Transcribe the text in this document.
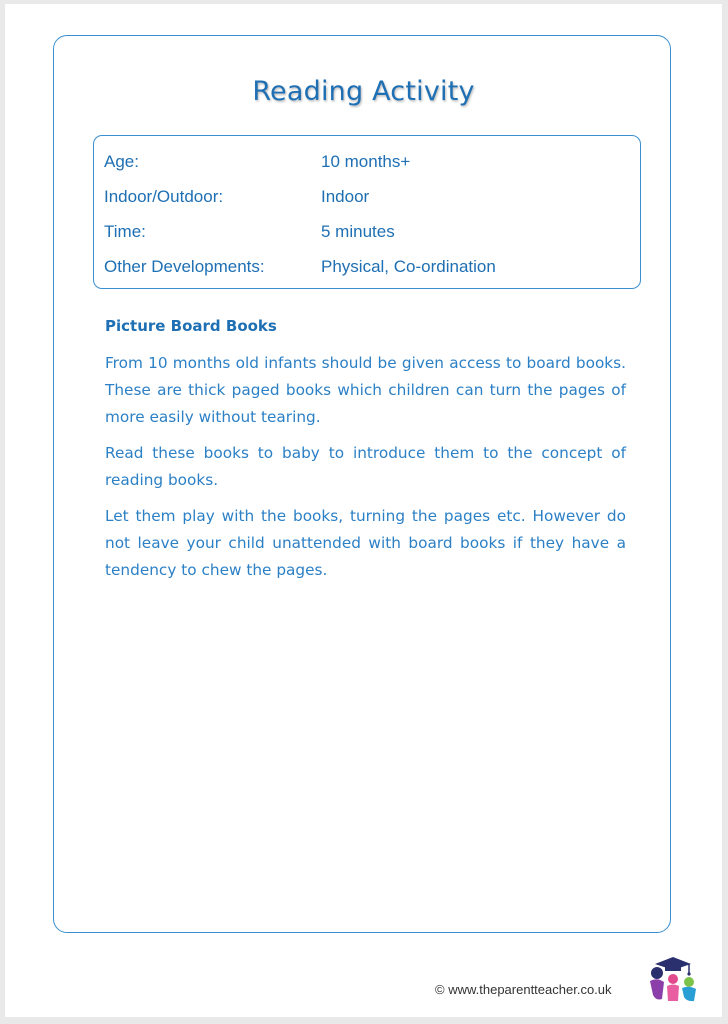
Reading Activity
Age:	10 months+
Indoor/Outdoor:	Indoor
Time:	5 minutes
Other Developments:	Physical, Co-ordination
Picture Board Books

From 10 months old infants should be given access to board books. These are thick paged books which children can turn the pages of more easily without tearing.

Read these books to baby to introduce them to the concept of reading books.

Let them play with the books, turning the pages etc. However do not leave your child unattended with board books if they have a tendency to chew the pages.

© www.theparentteacher.co.uk
